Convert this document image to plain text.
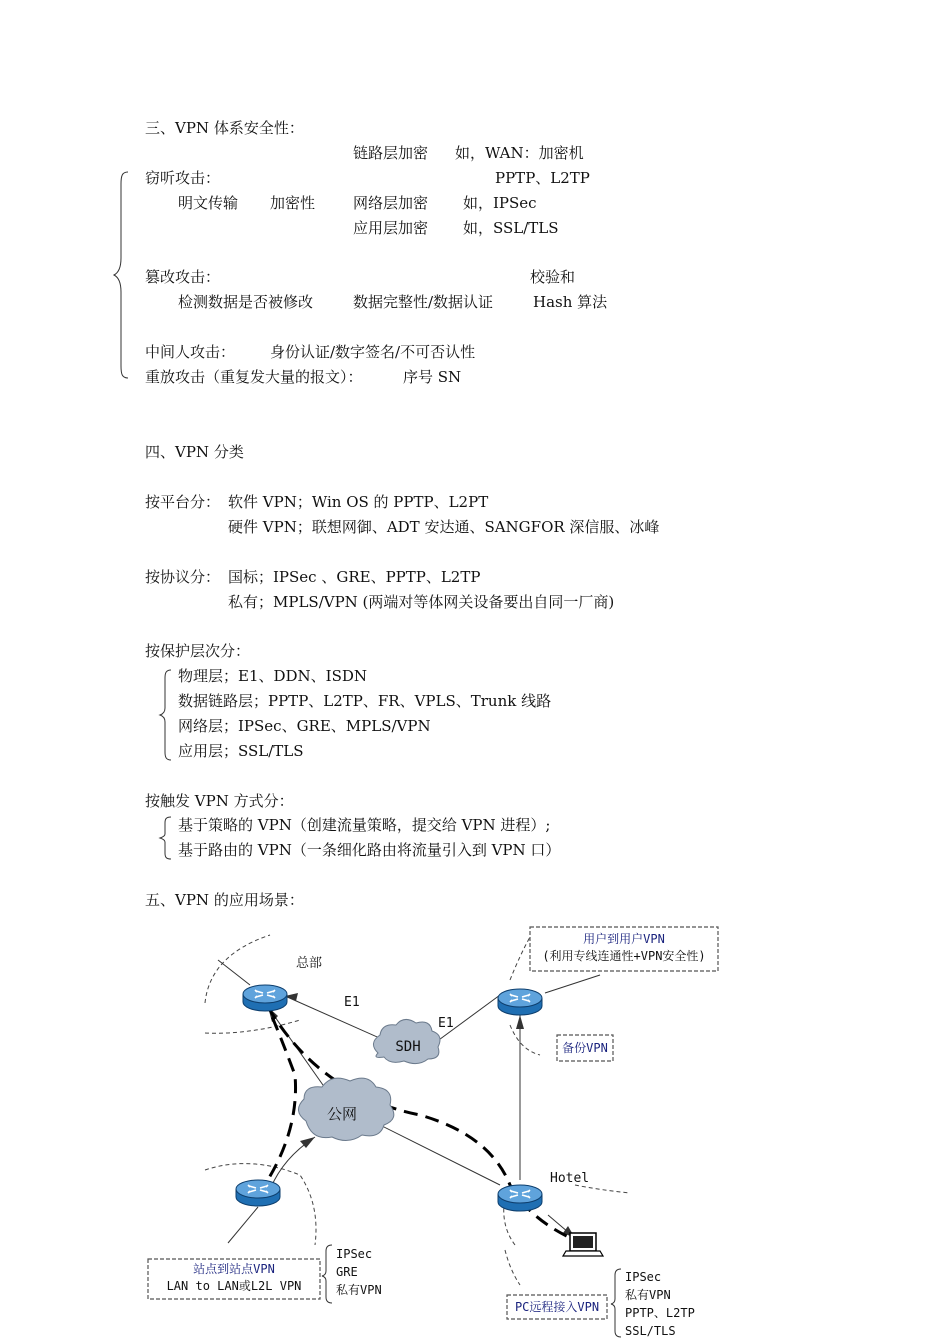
三、VPN 体系安全性：
链路层加密 如，WAN：加密机
窃听攻击：	PPTP、L2TP
明文传输 加密性	网络层加密 如，IPSec
应用层加密 如，SSL/TLS
篡改攻击：	校验和
检测数据是否被修改	数据完整性/数据认证	Hash 算法
中间人攻击： 身份认证/数字签名/不可否认性
重放攻击（重复发大量的报文）：	序号 SN
四、VPN 分类
按平台分： 软件 VPN；Win OS 的 PPTP、L2PT
硬件 VPN；联想网御、ADT 安达通、SANGFOR 深信服、冰峰
按协议分： 国标；IPSec 、GRE、PPTP、L2TP
私有；MPLS/VPN (两端对等体网关设备要出自同一厂商)
按保护层次分：
物理层；E1、DDN、ISDN
数据链路层；PPTP、L2TP、FR、VPLS、Trunk 线路
网络层；IPSec、GRE、MPLS/VPN
应用层；SSL/TLS
按触发 VPN 方式分：
基于策略的 VPN（创建流量策略，提交给 VPN 进程）;
基于路由的 VPN（一条细化路由将流量引入到 VPN 口）
五、VPN 的应用场景：
SDH
公网
总部
E1
E1
Hotel
用户到用户VPN
(利用专线连通性+VPN安全性)
备份VPN
站点到站点VPN
LAN to LAN或L2L VPN
IPSec
GRE
私有VPN
PC远程接入VPN
IPSec
私有VPN
PPTP、L2TP
SSL/TLS
